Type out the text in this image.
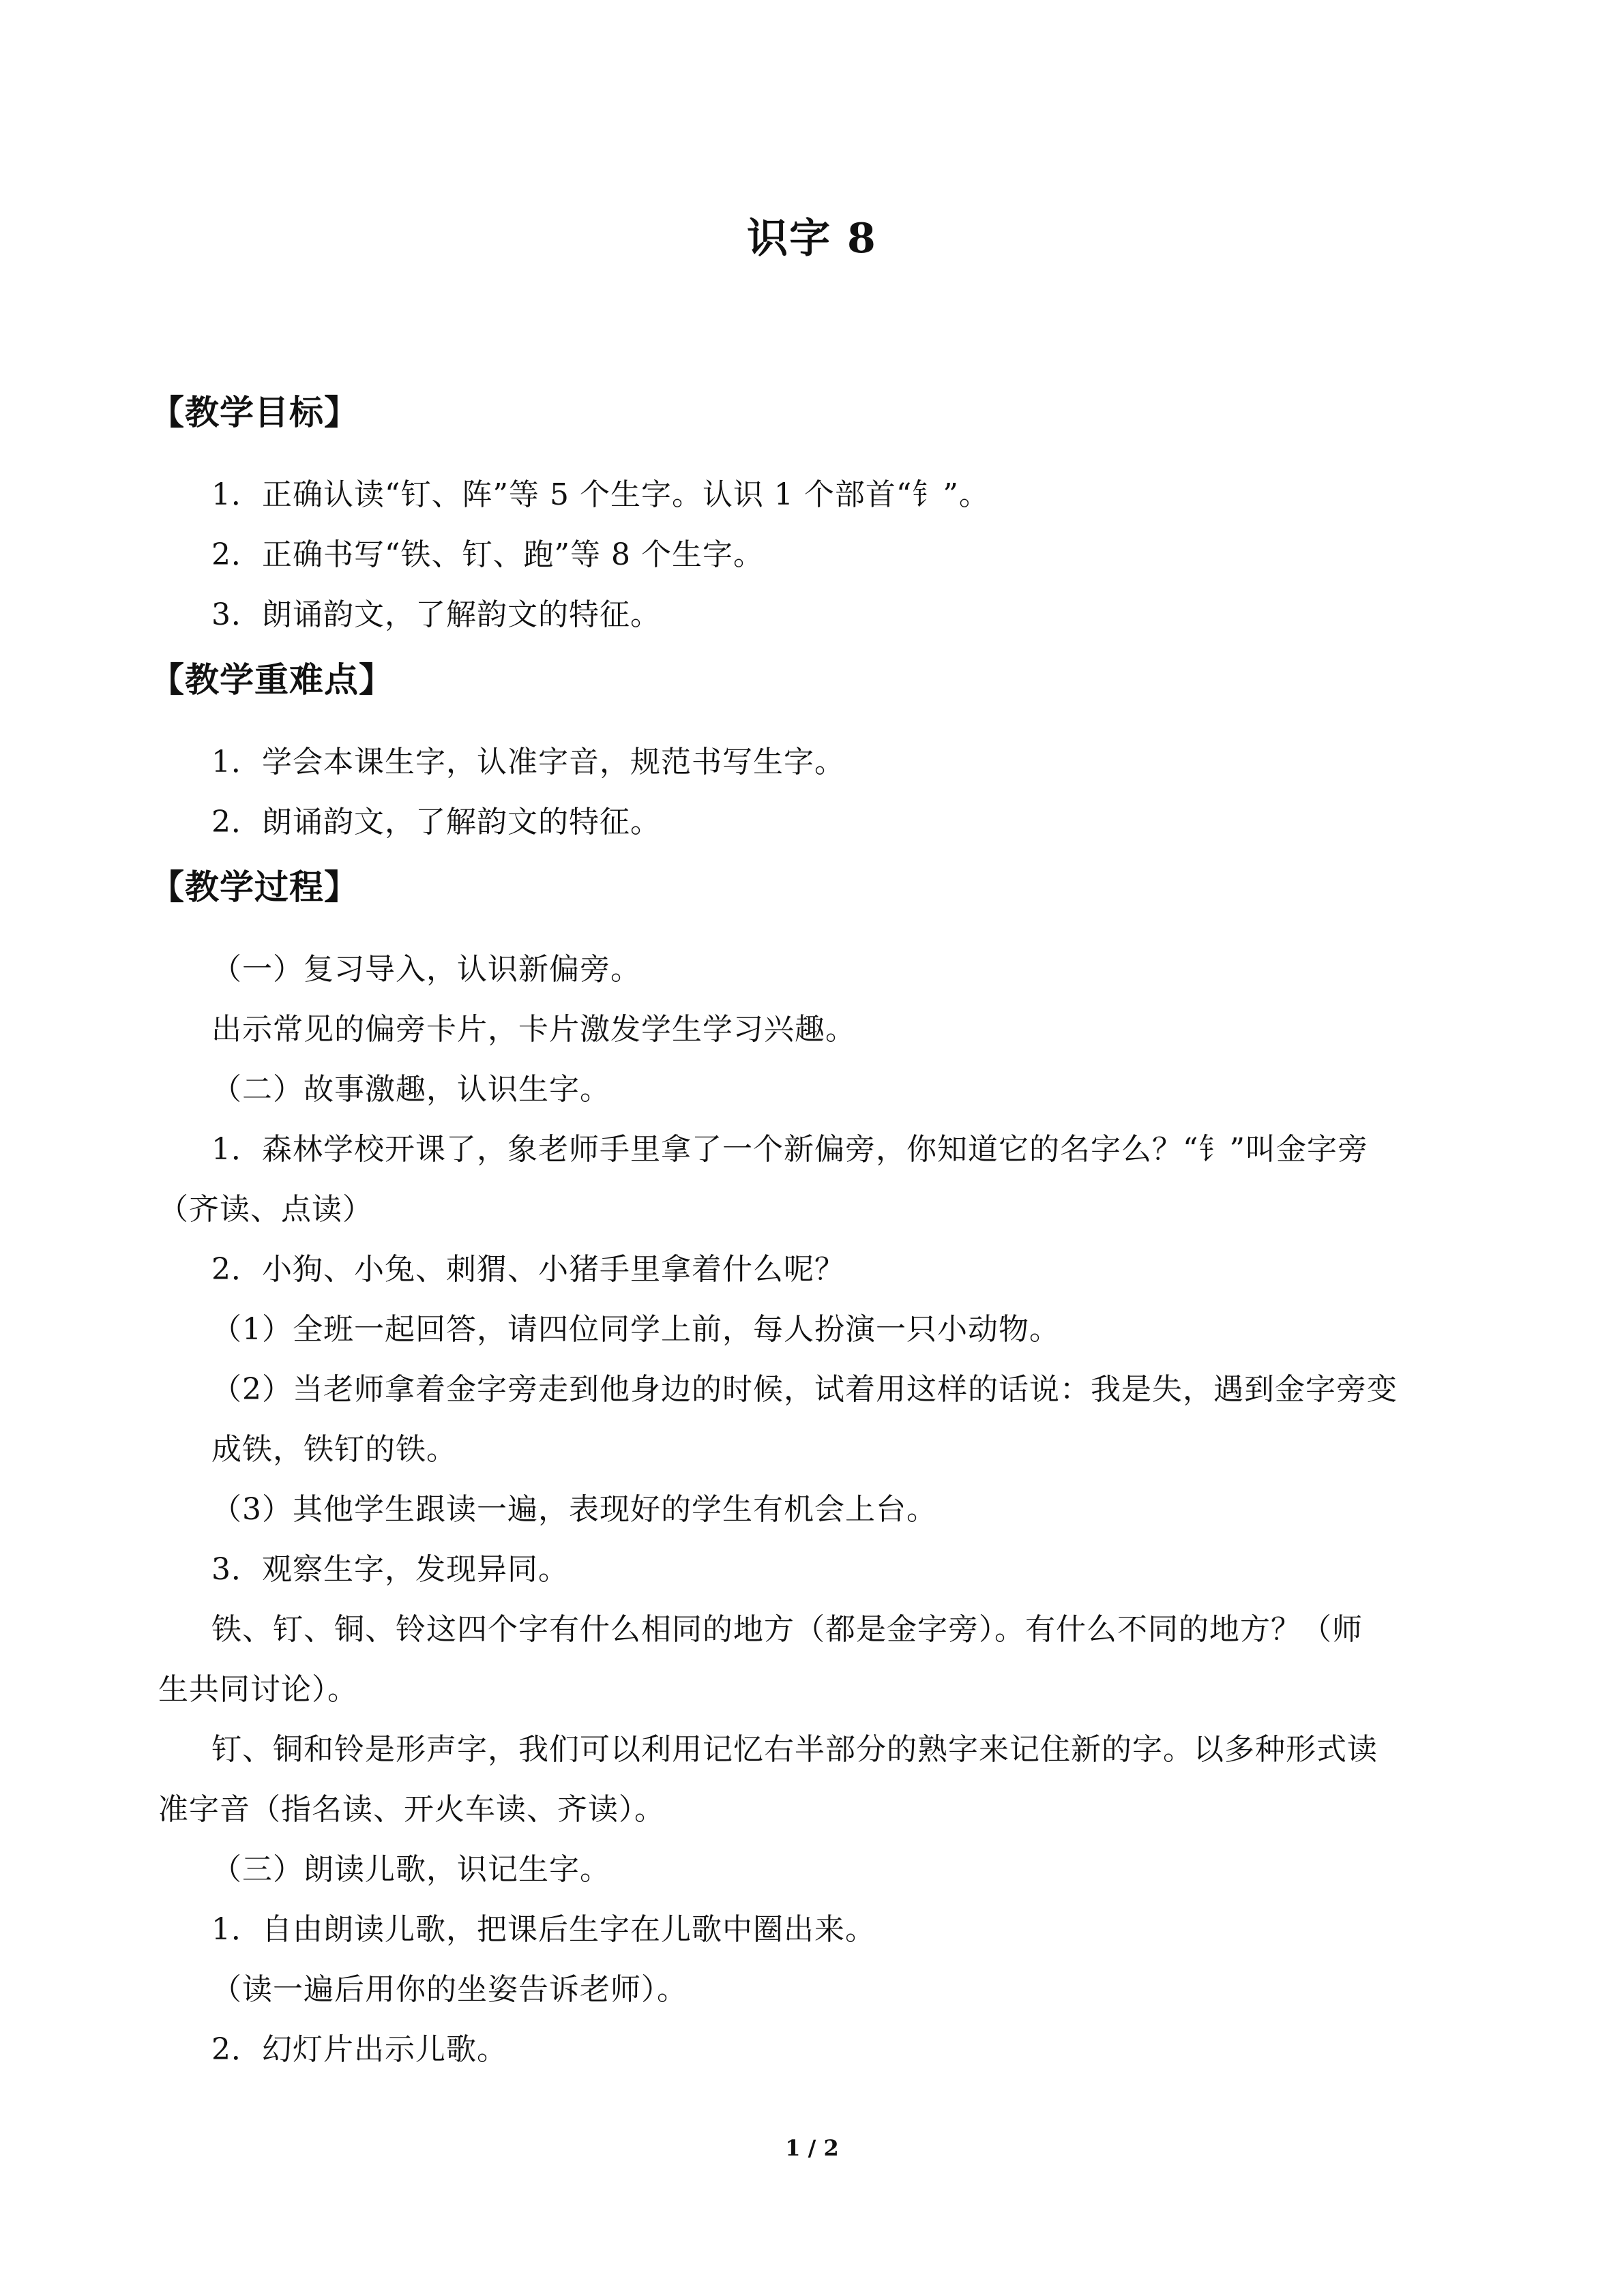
识字 8
【教学目标】
1．正确认读“钉、阵”等 5 个生字。认识 1 个部首“钅”。
2．正确书写“铁、钉、跑”等 8 个生字。
3．朗诵韵文，了解韵文的特征。
【教学重难点】
1．学会本课生字，认准字音，规范书写生字。
2．朗诵韵文，了解韵文的特征。
【教学过程】
（一）复习导入，认识新偏旁。
出示常见的偏旁卡片，卡片激发学生学习兴趣。
（二）故事激趣，认识生字。
1．森林学校开课了，象老师手里拿了一个新偏旁，你知道它的名字么？“钅”叫金字旁
（齐读、点读）
2．小狗、小兔、刺猬、小猪手里拿着什么呢？
（1）全班一起回答，请四位同学上前，每人扮演一只小动物。
（2）当老师拿着金字旁走到他身边的时候，试着用这样的话说：我是失，遇到金字旁变
成铁，铁钉的铁。
（3）其他学生跟读一遍，表现好的学生有机会上台。
3．观察生字，发现异同。
铁、钉、铜、铃这四个字有什么相同的地方（都是金字旁）。有什么不同的地方？（师
生共同讨论）。
钉、铜和铃是形声字，我们可以利用记忆右半部分的熟字来记住新的字。以多种形式读
准字音（指名读、开火车读、齐读）。
（三）朗读儿歌，识记生字。
1．自由朗读儿歌，把课后生字在儿歌中圈出来。
（读一遍后用你的坐姿告诉老师）。
2．幻灯片出示儿歌。
1 / 2
